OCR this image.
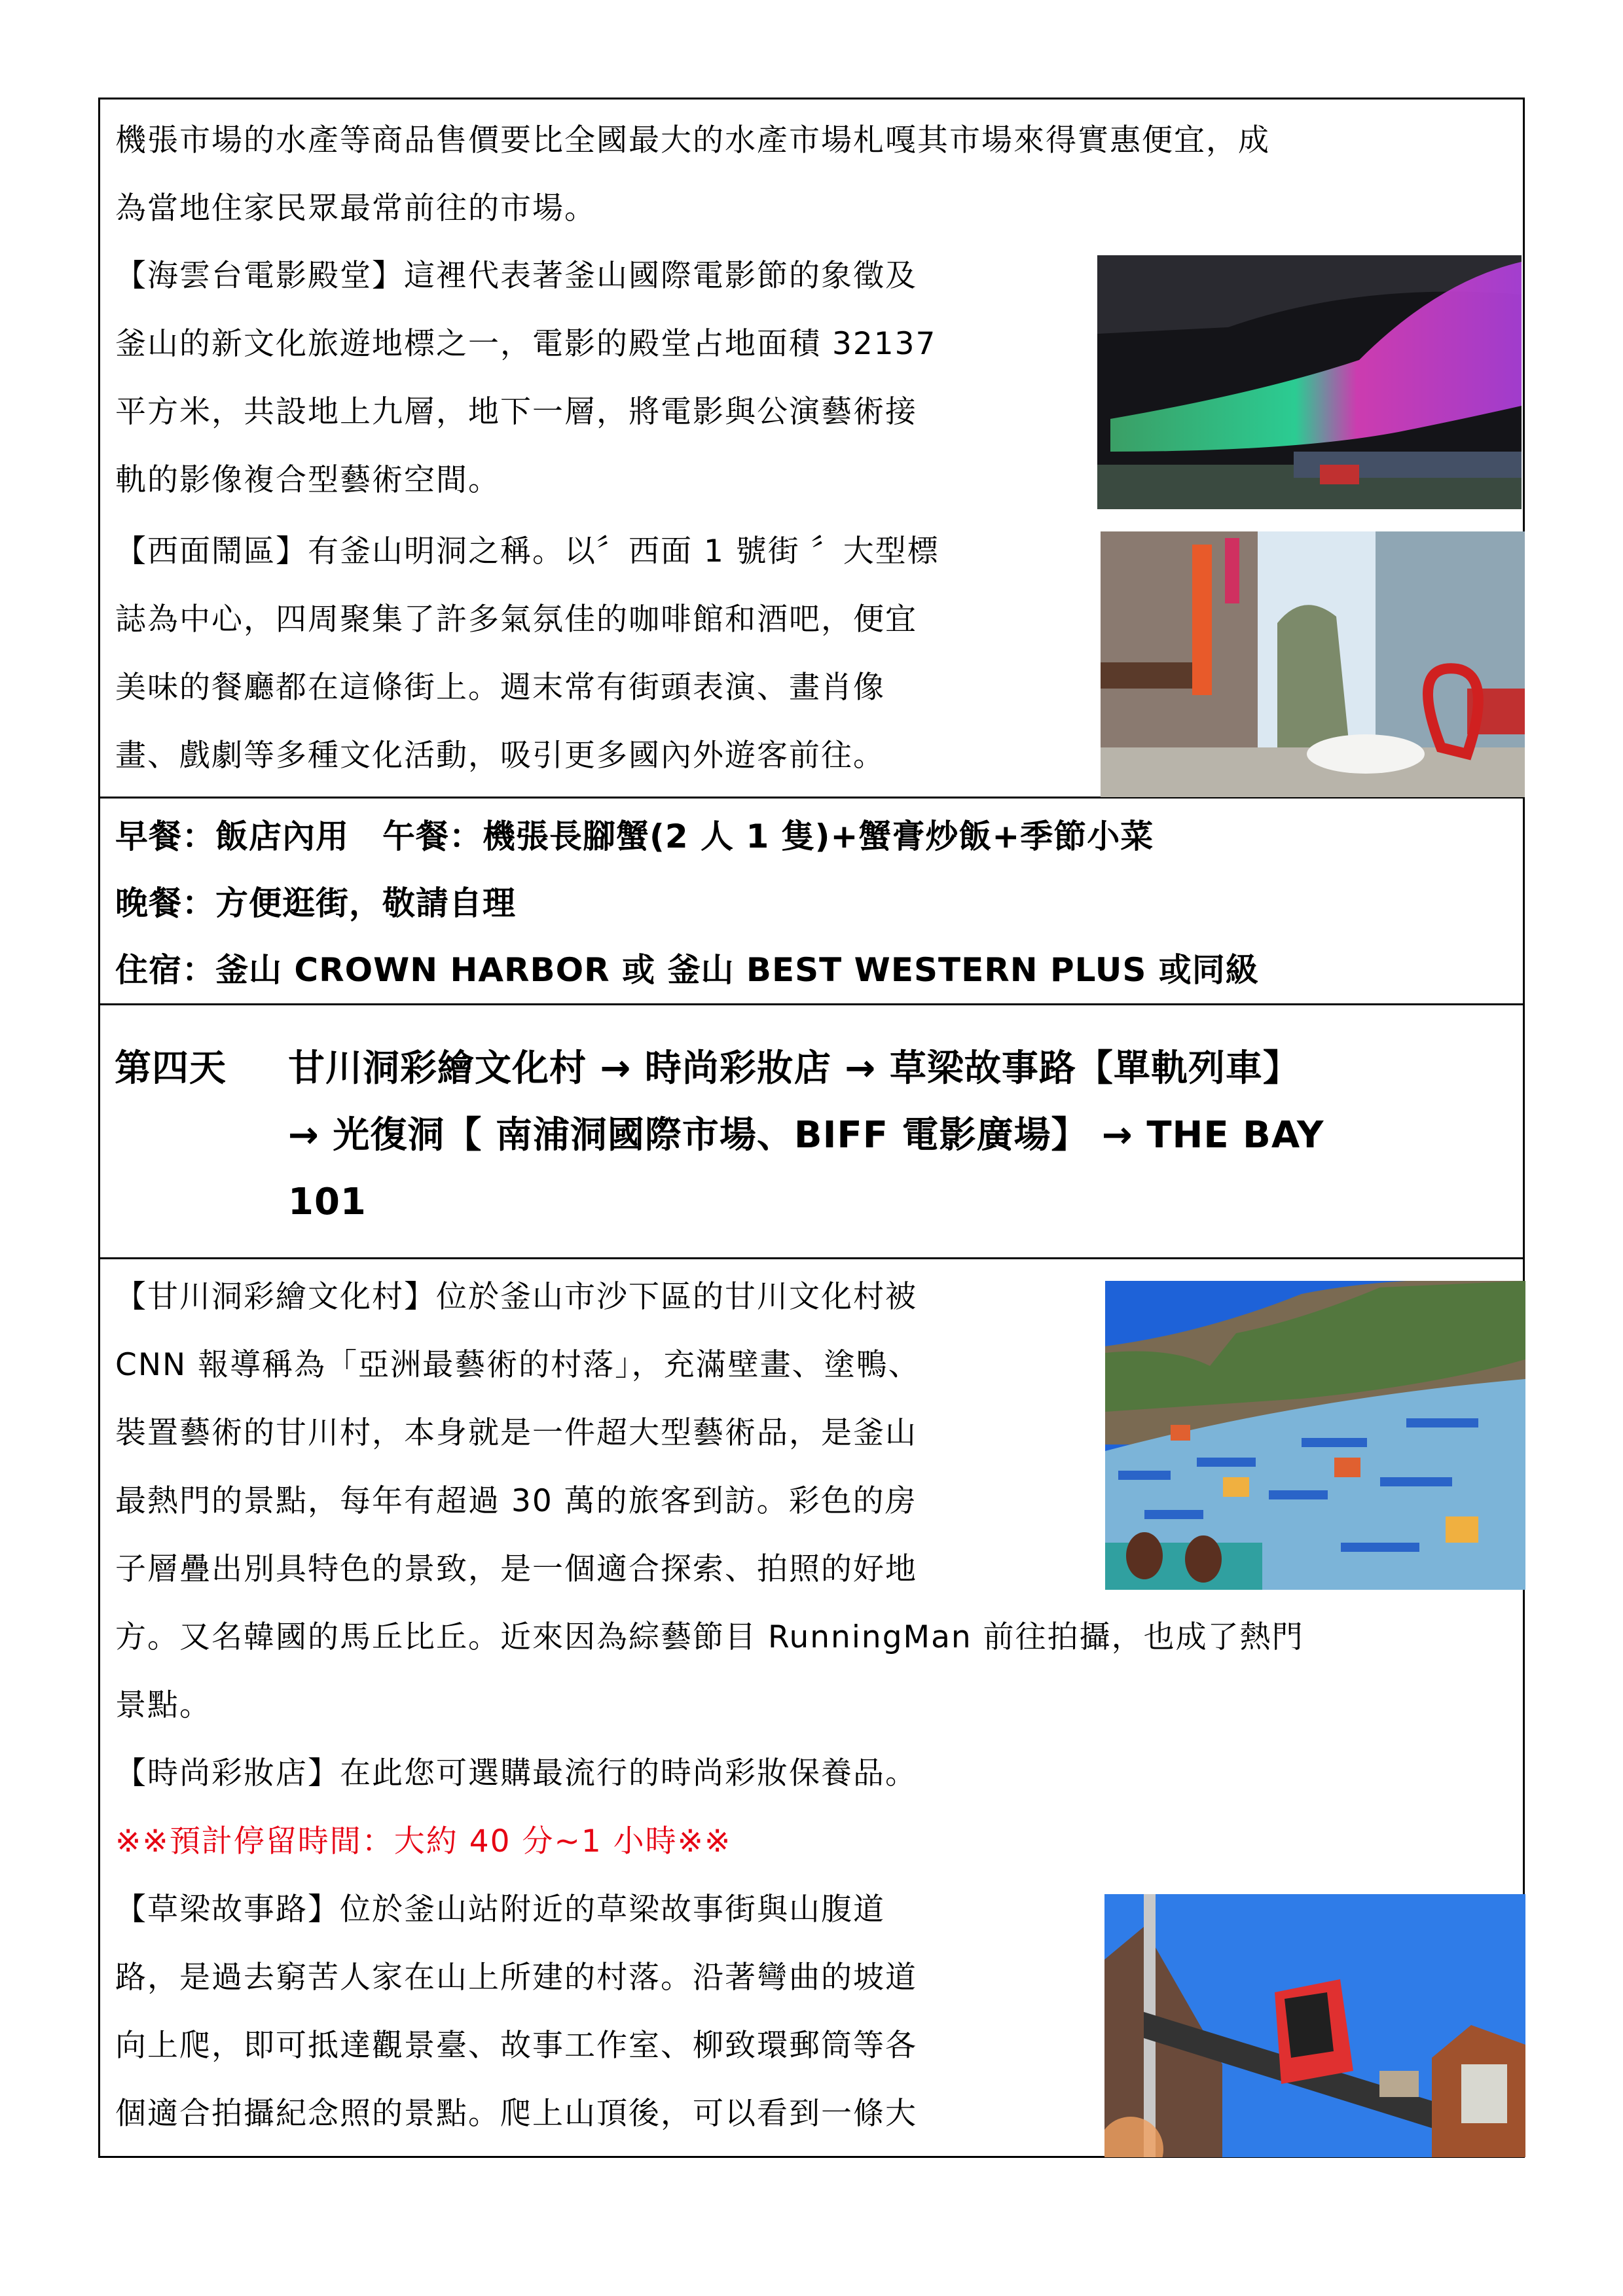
機張市場的水產等商品售價要比全國最大的水產市場札嘎其市場來得實惠便宜，成
為當地住家民眾最常前往的市場。
【海雲台電影殿堂】這裡代表著釜山國際電影節的象徵及
釜山的新文化旅遊地標之一，電影的殿堂占地面積 32137
平方米，共設地上九層，地下一層，將電影與公演藝術接
軌的影像複合型藝術空間。
【西面鬧區】有釜山明洞之稱。以〞西面 1 號街 〞大型標
誌為中心，四周聚集了許多氣氛佳的咖啡館和酒吧，便宜
美味的餐廳都在這條街上。週末常有街頭表演、畫肖像
畫、戲劇等多種文化活動，吸引更多國內外遊客前往。
早餐：飯店內用　午餐：機張長腳蟹(2 人 1 隻)+蟹膏炒飯+季節小菜
晚餐：方便逛街，敬請自理
住宿：釜山 CROWN HARBOR 或 釜山 BEST WESTERN PLUS 或同級
第四天 甘川洞彩繪文化村 → 時尚彩妝店 → 草梁故事路【單軌列車】
→ 光復洞【 南浦洞國際市場、BIFF 電影廣場】 → THE BAY
101
【甘川洞彩繪文化村】位於釜山市沙下區的甘川文化村被
CNN 報導稱為「亞洲最藝術的村落」，充滿壁畫、塗鴨、
裝置藝術的甘川村，本身就是一件超大型藝術品，是釜山
最熱門的景點，每年有超過 30 萬的旅客到訪。彩色的房
子層疊出別具特色的景致，是一個適合探索、拍照的好地
方。又名韓國的馬丘比丘。近來因為綜藝節目 RunningMan 前往拍攝，也成了熱門
景點。
【時尚彩妝店】在此您可選購最流行的時尚彩妝保養品。
※※預計停留時間：大約 40 分~1 小時※※
【草梁故事路】位於釜山站附近的草梁故事街與山腹道
路，是過去窮苦人家在山上所建的村落。沿著彎曲的坡道
向上爬，即可抵達觀景臺、故事工作室、柳致環郵筒等各
個適合拍攝紀念照的景點。爬上山頂後，可以看到一條大
